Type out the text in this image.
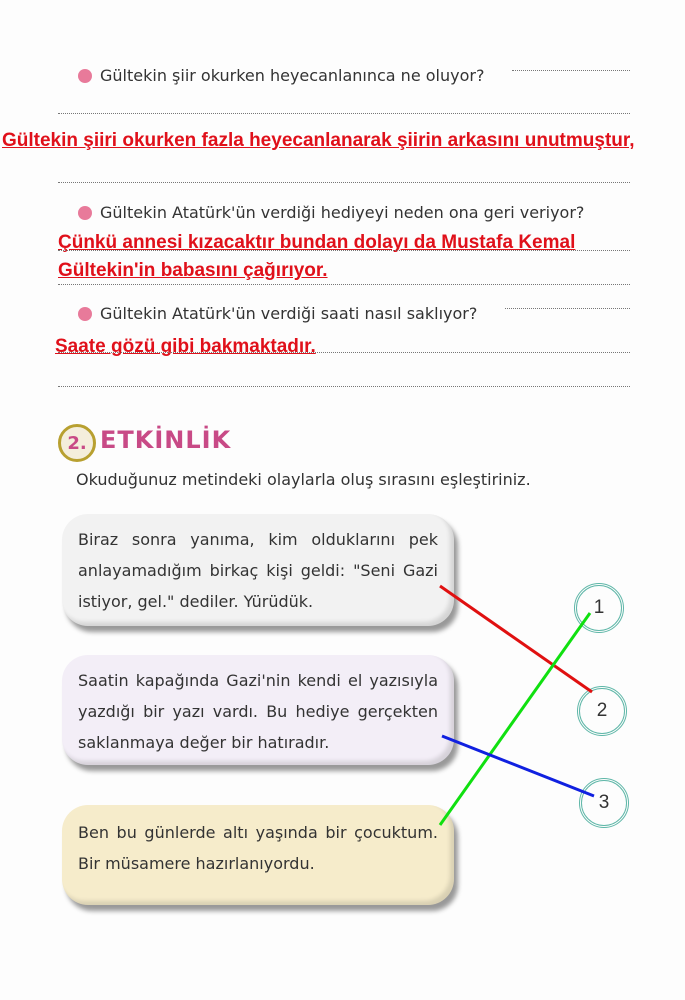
Gültekin şiir okurken heyecanlanınca ne oluyor?
Gültekin şiiri okurken fazla heyecanlanarak şiirin arkasını unutmuştur,
Gültekin Atatürk'ün verdiği hediyeyi neden ona geri veriyor?
Çünkü annesi kızacaktır bundan dolayı da Mustafa Kemal
Gültekin'in babasını çağırıyor.
Gültekin Atatürk'ün verdiği saati nasıl saklıyor?
Saate gözü gibi bakmaktadır.
2. ETKİNLİK
Okuduğunuz metindeki olaylarla oluş sırasını eşleştiriniz.
Biraz sonra yanıma, kim olduklarını pek anlayamadığım birkaç kişi geldi: "Seni Gazi istiyor, gel." dediler. Yürüdük.
Saatin kapağında Gazi'nin kendi el yazısıyla yazdığı bir yazı vardı. Bu hediye gerçekten saklanmaya değer bir hatıradır.
Ben bu günlerde altı yaşında bir çocuktum. Bir müsamere hazırlanıyordu.
1
2
3
